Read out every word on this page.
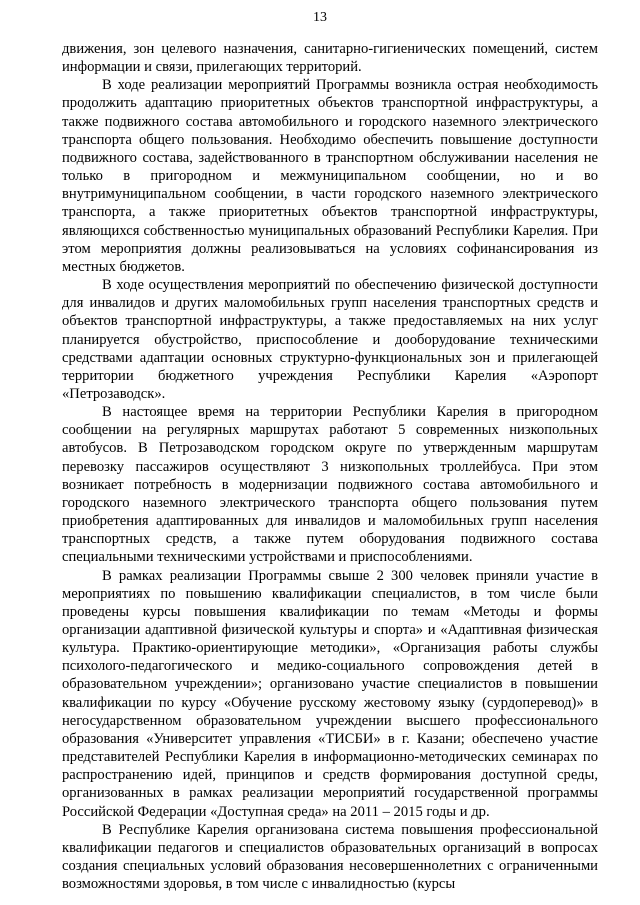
13

движения, зон целевого назначения, санитарно-гигиенических помещений, систем информации и связи, прилегающих территорий.

В ходе реализации мероприятий Программы возникла острая необходимость продолжить адаптацию приоритетных объектов транспортной инфраструктуры, а также подвижного состава автомобильного и городского наземного электрического транспорта общего пользования. Необходимо обеспечить повышение доступности подвижного состава, задействованного в транспортном обслуживании населения не только в пригородном и межмуниципальном сообщении, но и во внутримуниципальном сообщении, в части городского наземного электрического транспорта, а также приоритетных объектов транспортной инфраструктуры, являющихся собственностью муниципальных образований Республики Карелия. При этом мероприятия должны реализовываться на условиях софинансирования из местных бюджетов.

В ходе осуществления мероприятий по обеспечению физической доступности для инвалидов и других маломобильных групп населения транспортных средств и объектов транспортной инфраструктуры, а также предоставляемых на них услуг планируется обустройство, приспособление и дооборудование техническими средствами адаптации основных структурно-функциональных зон и прилегающей территории бюджетного учреждения Республики Карелия «Аэропорт «Петрозаводск».

В настоящее время на территории Республики Карелия в пригородном сообщении на регулярных маршрутах работают 5 современных низкопольных автобусов. В Петрозаводском городском округе по утвержденным маршрутам перевозку пассажиров осуществляют 3 низкопольных троллейбуса. При этом возникает потребность в модернизации подвижного состава автомобильного и городского наземного электрического транспорта общего пользования путем приобретения адаптированных для инвалидов и маломобильных групп населения транспортных средств, а также путем оборудования подвижного состава специальными техническими устройствами и приспособлениями.

В рамках реализации Программы свыше 2 300 человек приняли участие в мероприятиях по повышению квалификации специалистов, в том числе были проведены курсы повышения квалификации по темам «Методы и формы организации адаптивной физической культуры и спорта» и «Адаптивная физическая культура. Практико-ориентирующие методики», «Организация работы службы психолого-педагогического и медико-социального сопровождения детей в образовательном учреждении»; организовано участие специалистов в повышении квалификации по курсу «Обучение русскому жестовому языку (сурдоперевод)» в негосударственном образовательном учреждении высшего профессионального образования «Университет управления «ТИСБИ» в г. Казани; обеспечено участие представителей Республики Карелия в информационно-методических семинарах по распространению идей, принципов и средств формирования доступной среды, организованных в рамках реализации мероприятий государственной программы Российской Федерации «Доступная среда» на 2011 – 2015 годы и др.

В Республике Карелия организована система повышения профессиональной квалификации педагогов и специалистов образовательных организаций в вопросах создания специальных условий образования несовершеннолетних с ограниченными возможностями здоровья, в том числе с инвалидностью (курсы
